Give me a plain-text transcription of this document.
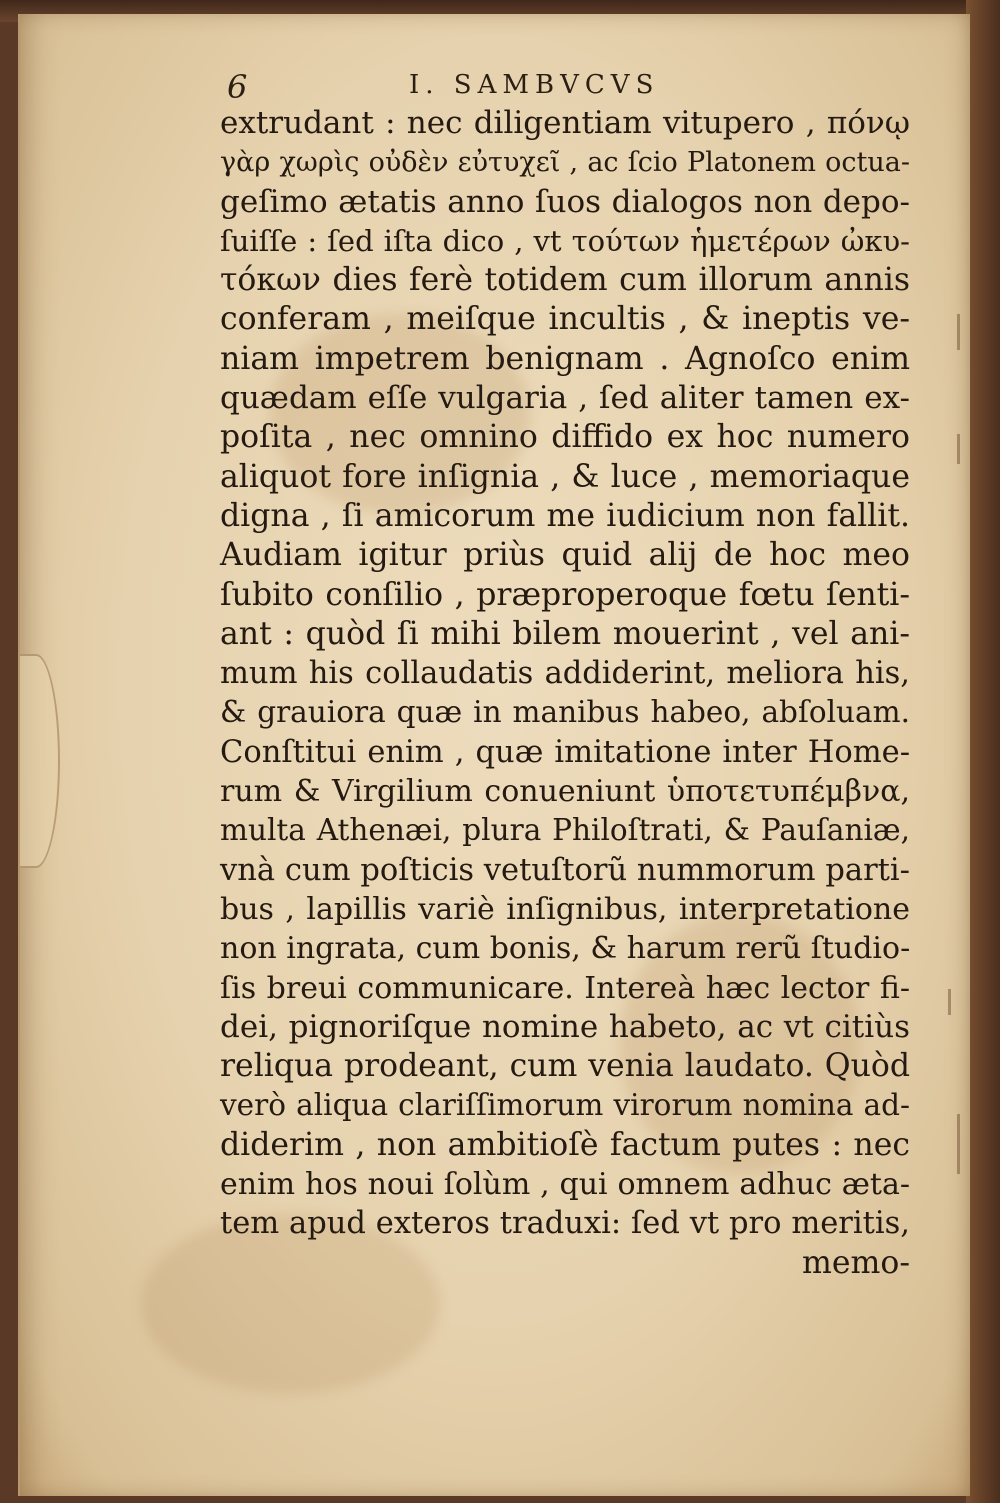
6	I. SAMBVCVS
extrudant : nec diligentiam vitupero , πόνῳ
γὰρ χωρὶς οὐδὲν εὐτυχεῖ , ac ſcio Platonem octua-
geſimo ætatis anno ſuos dialogos non depo-
ſuiſſe : ſed iſta dico , vt τούτων ἡμετέρων ὠκυ-
τόκων dies ferè totidem cum illorum annis
conferam , meiſque incultis , & ineptis ve-
niam impetrem benignam . Agnoſco enim
quædam eſſe vulgaria , ſed aliter tamen ex-
poſita , nec omnino diffido ex hoc numero
aliquot fore inſignia , & luce , memoriaque
digna , ſi amicorum me iudicium non fallit.
Audiam igitur priùs quid alij de hoc meo
ſubito conſilio , præproperoque fœtu ſenti-
ant : quòd ſi mihi bilem mouerint , vel ani-
mum his collaudatis addiderint, meliora his,
& grauiora quæ in manibus habeo, abſoluam.
Conſtitui enim , quæ imitatione inter Home-
rum & Virgilium conueniunt ὑποτετυπέμβνα,
multa Athenæi, plura Philoſtrati, & Pauſaniæ,
vnà cum poſticis vetuſtorũ nummorum parti-
bus , lapillis variè inſignibus, interpretatione
non ingrata, cum bonis, & harum rerũ ſtudio-
ſis breui communicare. Intereà hæc lector fi-
dei, pignoriſque nomine habeto, ac vt citiùs
reliqua prodeant, cum venia laudato. Quòd
verò aliqua clariſſimorum virorum nomina ad-
diderim , non ambitioſè factum putes : nec
enim hos noui ſolùm , qui omnem adhuc æta-
tem apud exteros traduxi: ſed vt pro meritis,
memo-
